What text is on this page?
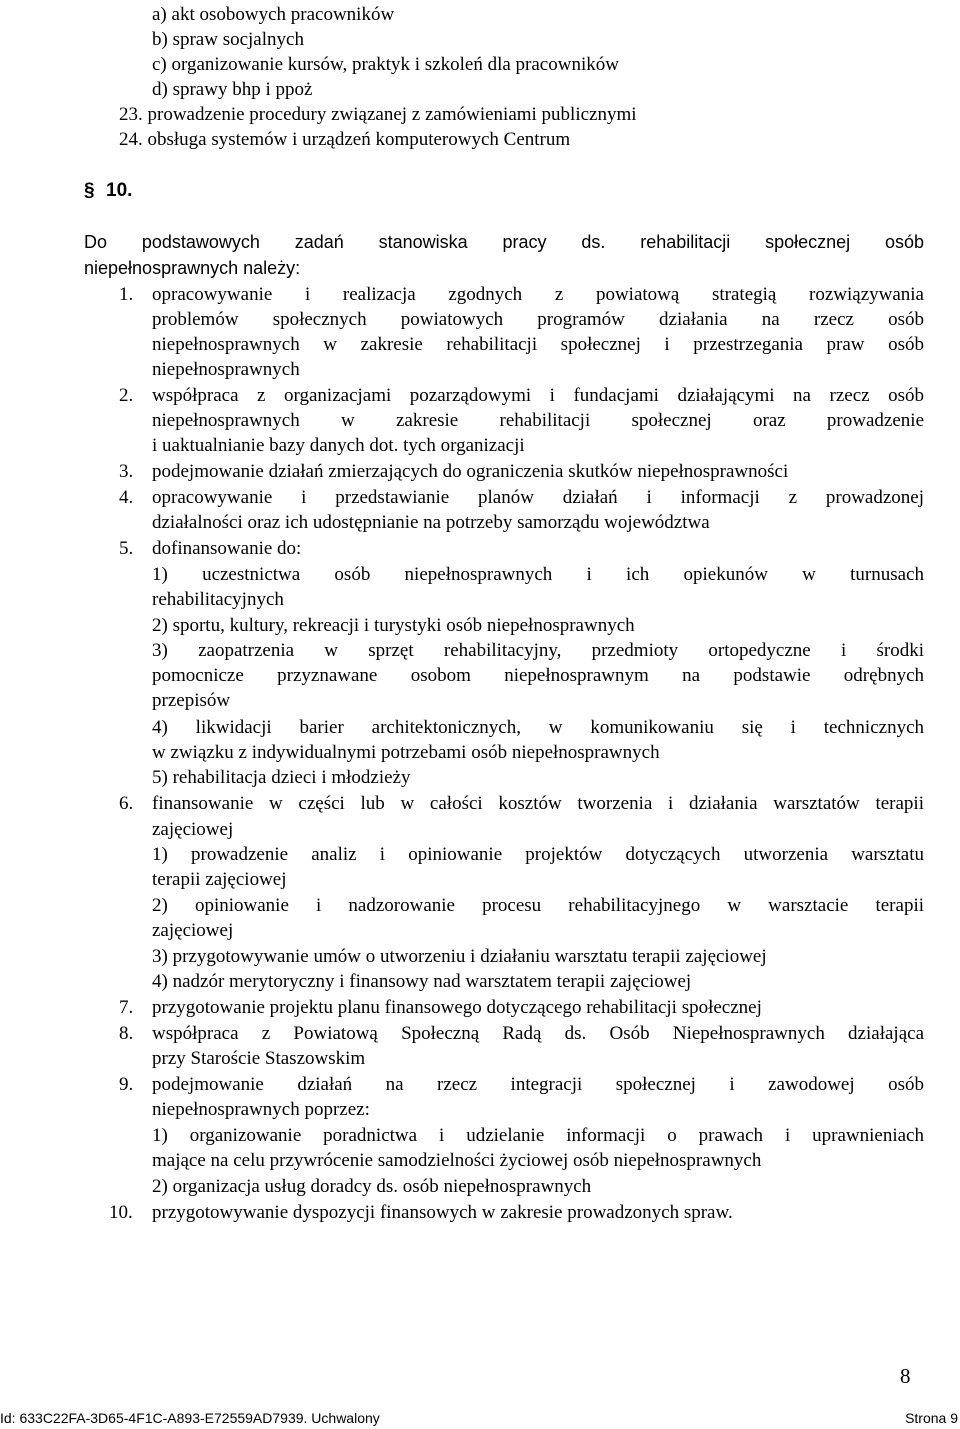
a) akt osobowych pracowników

b) spraw socjalnych

c) organizowanie kursów, praktyk i szkoleń dla pracowników

d) sprawy bhp i ppoż

23. prowadzenie procedury związanej z zamówieniami publicznymi

24. obsługa systemów i urządzeń komputerowych Centrum

§ 10.

Do podstawowych zadań stanowiska pracy ds. rehabilitacji społecznej osób

niepełnosprawnych należy:

1. opracowywanie i realizacja zgodnych z powiatową strategią rozwiązywania

problemów społecznych powiatowych programów działania na rzecz osób

niepełnosprawnych w zakresie rehabilitacji społecznej i przestrzegania praw osób

niepełnosprawnych

2. współpraca z organizacjami pozarządowymi i fundacjami działającymi na rzecz osób

niepełnosprawnych w zakresie rehabilitacji społecznej oraz prowadzenie

i uaktualnianie bazy danych dot. tych organizacji

3. podejmowanie działań zmierzających do ograniczenia skutków niepełnosprawności

4. opracowywanie i przedstawianie planów działań i informacji z prowadzonej

działalności oraz ich udostępnianie na potrzeby samorządu województwa

5. dofinansowanie do:

1) uczestnictwa osób niepełnosprawnych i ich opiekunów w turnusach

rehabilitacyjnych

2) sportu, kultury, rekreacji i turystyki osób niepełnosprawnych

3) zaopatrzenia w sprzęt rehabilitacyjny, przedmioty ortopedyczne i środki

pomocnicze przyznawane osobom niepełnosprawnym na podstawie odrębnych

przepisów

4) likwidacji barier architektonicznych, w komunikowaniu się i technicznych

w związku z indywidualnymi potrzebami osób niepełnosprawnych

5) rehabilitacja dzieci i młodzieży

6. finansowanie w części lub w całości kosztów tworzenia i działania warsztatów terapii

zajęciowej

1) prowadzenie analiz i opiniowanie projektów dotyczących utworzenia warsztatu

terapii zajęciowej

2) opiniowanie i nadzorowanie procesu rehabilitacyjnego w warsztacie terapii

zajęciowej

3) przygotowywanie umów o utworzeniu i działaniu warsztatu terapii zajęciowej

4) nadzór merytoryczny i finansowy nad warsztatem terapii zajęciowej

7. przygotowanie projektu planu finansowego dotyczącego rehabilitacji społecznej

8. współpraca z Powiatową Społeczną Radą ds. Osób Niepełnosprawnych działająca

przy Staroście Staszowskim

9. podejmowanie działań na rzecz integracji społecznej i zawodowej osób

niepełnosprawnych poprzez:

1) organizowanie poradnictwa i udzielanie informacji o prawach i uprawnieniach

mające na celu przywrócenie samodzielności życiowej osób niepełnosprawnych

2) organizacja usług doradcy ds. osób niepełnosprawnych

10. przygotowywanie dyspozycji finansowych w zakresie prowadzonych spraw.

8

Id: 633C22FA-3D65-4F1C-A893-E72559AD7939. Uchwalony	Strona 9
